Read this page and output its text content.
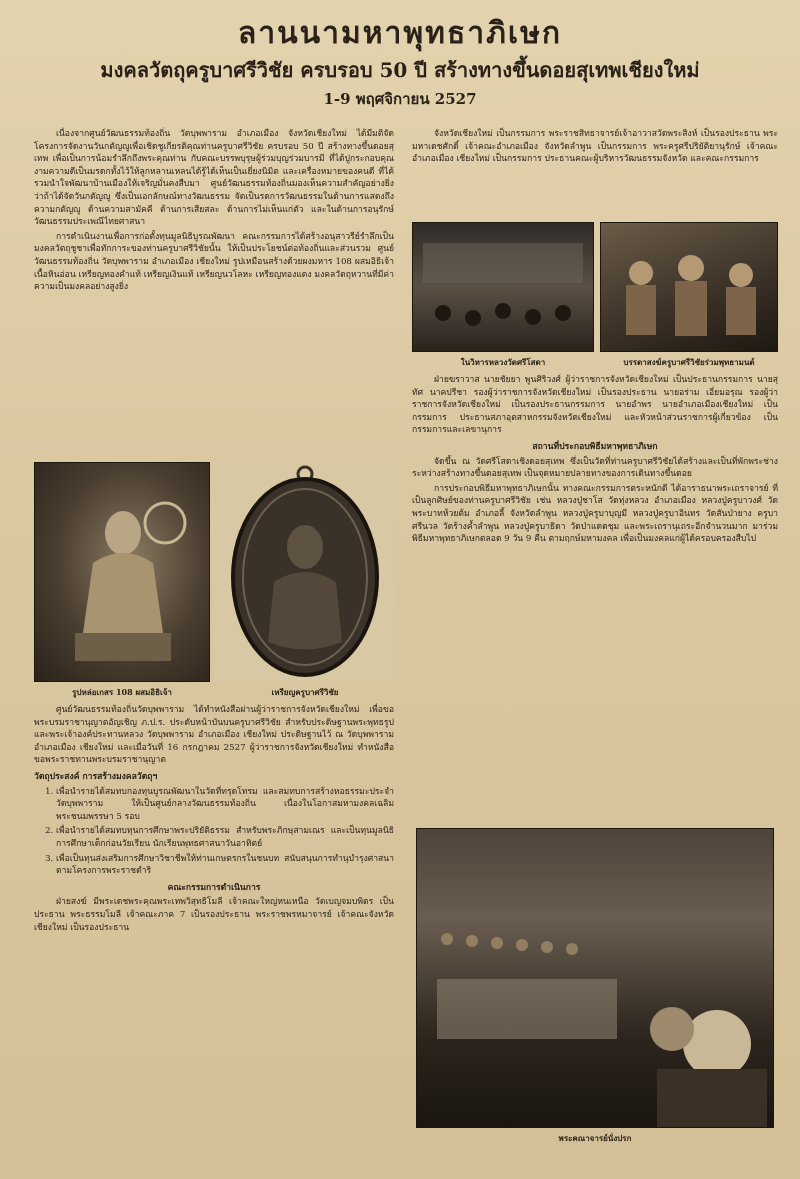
ลานนามหาพุทธาภิเษก
มงคลวัตถุครูบาศรีวิชัย ครบรอบ 50 ปี สร้างทางขึ้นดอยสุเทพเชียงใหม่
1-9 พฤศจิกายน 2527

เนื่องจากศูนย์วัฒนธรรมท้องถิ่น วัดบุพพาราม อำเภอเมือง จังหวัดเชียงใหม่ ได้มีมติจัดโครงการจัดงานวันกตัญญูเพื่อเชิดชูเกียรติคุณท่านครูบาศรีวิชัย ครบรอบ 50 ปี สร้างทางขึ้นดอยสุเทพ เพื่อเป็นการน้อมรำลึกถึงพระคุณท่าน กับคณะบรรพบุรุษผู้ร่วมบุญร่วมบารมี ที่ได้ปูกระกอบคุณงามความดีเป็นมรดกทั้งไว้ให้ลูกหลานเหลนได้รู้ได้เห็นเป็นเยี่ยงนิมิต และเครื่องหมายของคนดี ที่ได้รวมนำใจพัฒนาบ้านเมืองให้เจริญมั่นคงสืบมา ศูนย์วัฒนธรรมท้องถิ่นมองเห็นความสำคัญอย่างยิ่งว่าถ้าได้จัดวันกตัญญู ซึ่งเป็นเอกลักษณ์ทางวัฒนธรรม จัดเป็นรดการวัฒนธรรมในด้านการแสดงถึงความกตัญญู ด้านความสามัคคี ด้านการเสียสละ ด้านการไม่เห็นแก่ตัว และในด้านการอนุรักษ์วัฒนธรรมประเพณีไทยศาสนา

การดำเนินงานเพื่อการก่อตั้งทุนมูลนิธิบูรณพัฒนา คณะกรรมการได้สร้างอนุสาวรีย์รำลึกเป็นมงคลวัตถุชูชาเพื่อทักการะของท่านครูบาศรีวิชัยนั้น ให้เป็นประโยชน์ต่อท้องถิ่นและส่วนรวม ศูนย์วัฒนธรรมท้องถิ่น วัดบุพพาราม อำเภอเมือง เชียงใหม่ รูปเหมือนสร้างด้วยผงมหาร 108 ผสมอิธิเจ้าเนื้อหินอ่อน เหรียญทองคำแท้ เหรียญเงินแท้ เหรียญนวโลหะ เหรียญทองแดง มงคลวัตถุหวานที่มีค่าความเป็นมงคลอย่างสูงยิ่ง

รูปหล่อเกสร 108 ผสมอิธิเจ้า	เหรียญครูบาศรีวิชัย

ศูนย์วัฒนธรรมท้องถิ่นวัดบุพพาราม ได้ทำหนังสือผ่านผู้ว่าราชการจังหวัดเชียงใหม่ เพื่อขอพระบรมราชานุญาตอัญเชิญ ภ.ป.ร. ประดับหน้าบันบนครูบาศรีวิชัย สำหรับประดิษฐานพระพุทธรูปและพระเจ้าองค์ประทานหลวง วัดบุพพาราม อำเภอเมือง เชียงใหม่ ประดิษฐานไว้ ณ วัดบุพพาราม อำเภอเมือง เชียงใหม่ และเมื่อวันที่ 16 กรกฎาคม 2527 ผู้ว่าราชการจังหวัดเชียงใหม่ ทำหนังสือขอพระราชทานพระบรมราชานุญาต

วัตถุประสงค์ การสร้างมงคลวัตถุฯ
1. เพื่อนำรายได้สมทบกองทุนบูรณพัฒนาในวัดที่ทรุดโทรม และสมทบการสร้างหอธรรมะประจำวัดบุพพาราม ให้เป็นศูนย์กลางวัฒนธรรมท้องถิ่น เนื่องในโอกาสมหามงคลเฉลิมพระชนมพรรษา 5 รอบ
2. เพื่อนำรายได้สมทบทุนการศึกษาพระปริยัติธรรม สำหรับพระภิกษุสามเณร และเป็นทุนมูลนิธิการศึกษาเด็กก่อนวัยเรียน นักเรียนพุทธศาสนาวันอาทิตย์
3. เพื่อเป็นทุนส่งเสริมการศึกษาวิชาชีพให้ท่านเกษตรกรในชนบท สนับสนุนการทำนุบำรุงศาสนาตามโครงการพระราชดำริ
คณะกรรมการดำเนินการ

ฝ่ายสงฆ์ มีพระเดชพระคุณพระเทพวิสุทธิโมลี เจ้าคณะใหญ่หนเหนือ วัดเบญจมบพิตร เป็นประธาน พระธรรมโมลี เจ้าคณะภาค 7 เป็นรองประธาน พระราชพรหมาจารย์ เจ้าคณะจังหวัดเชียงใหม่ เป็นรองประธาน

จังหวัดเชียงใหม่ เป็นกรรมการ พระราชสิทธาจารย์เจ้าอาวาสวัดพระสิงห์ เป็นรองประธาน พระมหาเดชศักดิ์ เจ้าคณะอำเภอเมือง จังหวัดลำพูน เป็นกรรมการ พระครูศรีปริยัติยานุรักษ์ เจ้าคณะอำเภอเมือง เชียงใหม่ เป็นกรรมการ ประธานคณะผู้บริหารวัฒนธรรมจังหวัด และคณะกรรมการ

ในวิหารหลวงวัดศรีโสดา	บรรดาสงฆ์ครูบาศรีวิชัยร่วมพุทธามนต์

ฝ่ายฆราวาส นายชัยยา พูนศิริวงศ์ ผู้ว่าราชการจังหวัดเชียงใหม่ เป็นประธานกรรมการ นายสุทัศ นาคปรีชา รองผู้ว่าราชการจังหวัดเชียงใหม่ เป็นรองประธาน นายอร่าม เอี่ยมอรุณ รองผู้ว่าราชการจังหวัดเชียงใหม่ เป็นรองประธานกรรมการ นายอำพร นายอำเภอเมืองเชียงใหม่ เป็นกรรมการ ประธานสภาอุตสาหกรรมจังหวัดเชียงใหม่ และหัวหน้าส่วนราชการผู้เกี่ยวข้อง เป็นกรรมการและเลขานุการ

สถานที่ประกอบพิธีมหาพุทธาภิเษก

จัดขึ้น ณ วัดศรีโสดาเชิงดอยสุเทพ ซึ่งเป็นวัดที่ท่านครูบาศรีวิชัยได้สร้างและเป็นที่พักพระช่างระหว่างสร้างทางขึ้นดอยสุเทพ เป็นจุดหมายปลายทางของการเดินทางขึ้นดอย

การประกอบพิธีมหาพุทธาภิเษกนั้น ทางคณะกรรมการตระหนักดี ได้อาราธนาพระเถราจารย์ ที่เป็นลูกศิษย์ของท่านครูบาศรีวิชัย เช่น หลวงปู่ชาโส วัดทุ่งหลวง อำเภอเมือง หลวงปู่ครูบาวงศ์ วัดพระบาทห้วยต้ม อำเภอลี้ จังหวัดลำพูน หลวงปู่ครูบาบุญมี หลวงปู่ครูบาอินทร วัดสันป่ายาง ครูบาศรีนวล วัดร้างค้ำลำพูน หลวงปู่ครูบาธิดา วัดป่าแดดชุม และพระเถรานุเถระอีกจำนวนมาก มาร่วมพิธีมหาพุทธาภิเษกตลอด 9 วัน 9 คืน ตามฤกษ์มหามงคล เพื่อเป็นมงคลแก่ผู้ได้ครอบครองสืบไป

พระคณาจารย์นั่งปรก
